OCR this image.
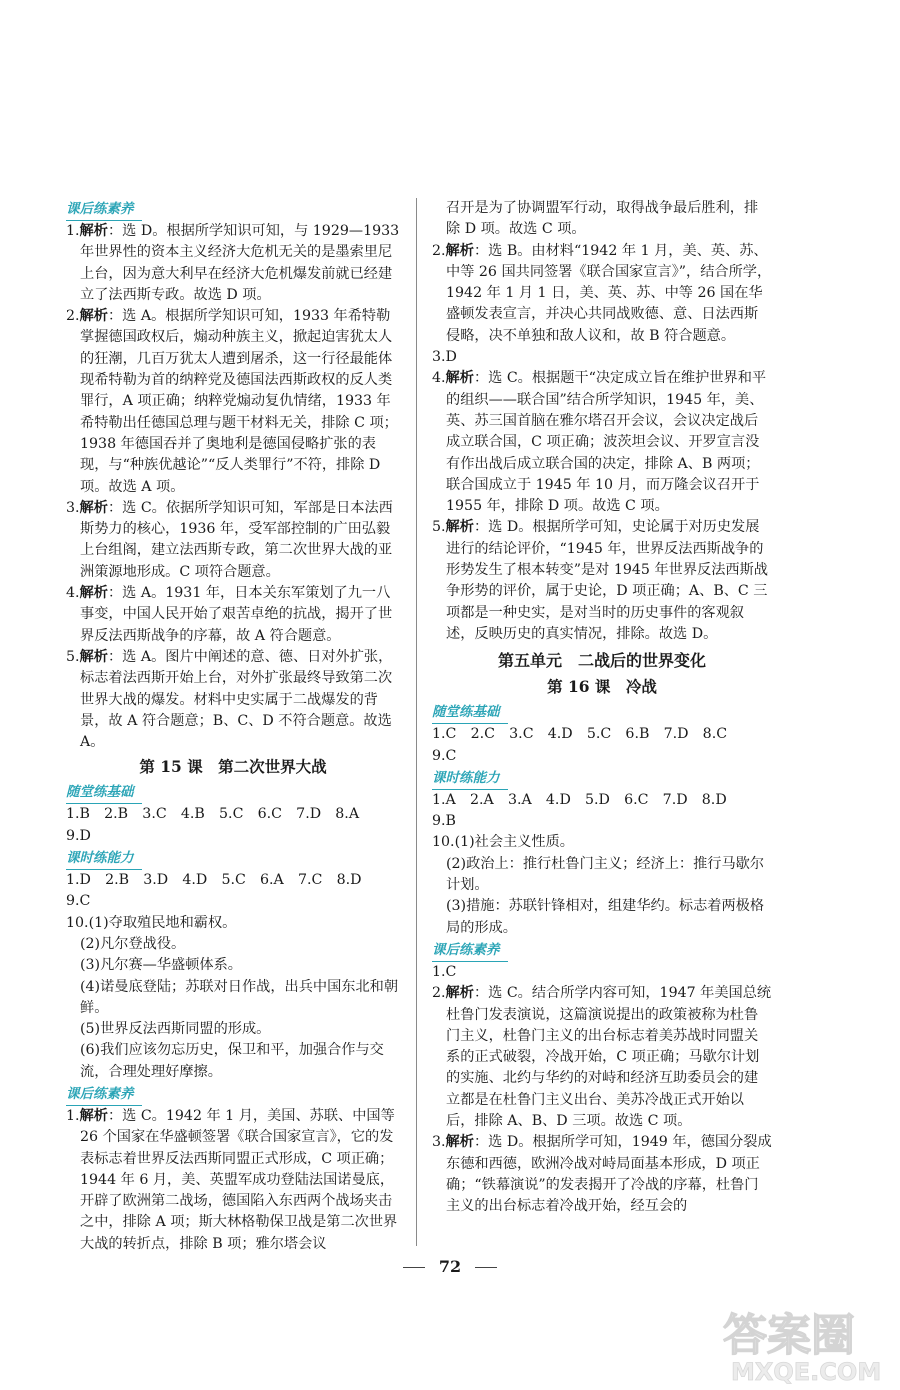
课后练素养

1.解析：选 D。根据所学知识可知，与 1929—1933 年世界性的资本主义经济大危机无关的是墨索里尼上台，因为意大利早在经济大危机爆发前就已经建立了法西斯专政。故选 D 项。

2.解析：选 A。根据所学知识可知，1933 年希特勒掌握德国政权后，煽动种族主义，掀起迫害犹太人的狂潮，几百万犹太人遭到屠杀，这一行径最能体现希特勒为首的纳粹党及德国法西斯政权的反人类罪行，A 项正确；纳粹党煽动复仇情绪，1933 年希特勒出任德国总理与题干材料无关，排除 C 项；1938 年德国吞并了奥地利是德国侵略扩张的表现，与“种族优越论”“反人类罪行”不符，排除 D 项。故选 A 项。

3.解析：选 C。依据所学知识可知，军部是日本法西斯势力的核心，1936 年，受军部控制的广田弘毅上台组阁，建立法西斯专政，第二次世界大战的亚洲策源地形成。C 项符合题意。

4.解析：选 A。1931 年，日本关东军策划了九一八事变，中国人民开始了艰苦卓绝的抗战，揭开了世界反法西斯战争的序幕，故 A 符合题意。

5.解析：选 A。图片中阐述的意、德、日对外扩张，标志着法西斯开始上台，对外扩张最终导致第二次世界大战的爆发。材料中史实属于二战爆发的背景，故 A 符合题意；B、C、D 不符合题意。故选 A。

第 15 课　第二次世界大战
随堂练基础

1.B　2.B　3.C　4.B　5.C　6.C　7.D　8.A

9.D

课时练能力

1.D　2.B　3.D　4.D　5.C　6.A　7.C　8.D

9.C

10.(1)夺取殖民地和霸权。

(2)凡尔登战役。

(3)凡尔赛—华盛顿体系。

(4)诺曼底登陆；苏联对日作战，出兵中国东北和朝鲜。

(5)世界反法西斯同盟的形成。

(6)我们应该勿忘历史，保卫和平，加强合作与交流，合理处理好摩擦。

课后练素养

1.解析：选 C。1942 年 1 月，美国、苏联、中国等 26 个国家在华盛顿签署《联合国家宣言》，它的发表标志着世界反法西斯同盟正式形成，C 项正确；1944 年 6 月，美、英盟军成功登陆法国诺曼底，开辟了欧洲第二战场，德国陷入东西两个战场夹击之中，排除 A 项；斯大林格勒保卫战是第二次世界大战的转折点，排除 B 项；雅尔塔会议

召开是为了协调盟军行动，取得战争最后胜利，排除 D 项。故选 C 项。

2.解析：选 B。由材料“1942 年 1 月，美、英、苏、中等 26 国共同签署《联合国家宣言》”，结合所学，1942 年 1 月 1 日，美、英、苏、中等 26 国在华盛顿发表宣言，并决心共同战败德、意、日法西斯侵略，决不单独和敌人议和，故 B 符合题意。

3.D

4.解析：选 C。根据题干“决定成立旨在维护世界和平的组织——联合国”结合所学知识，1945 年，美、英、苏三国首脑在雅尔塔召开会议，会议决定战后成立联合国，C 项正确；波茨坦会议、开罗宣言没有作出战后成立联合国的决定，排除 A、B 两项；联合国成立于 1945 年 10 月，而万隆会议召开于 1955 年，排除 D 项。故选 C 项。

5.解析：选 D。根据所学可知，史论属于对历史发展进行的结论评价，“1945 年，世界反法西斯战争的形势发生了根本转变”是对 1945 年世界反法西斯战争形势的评价，属于史论，D 项正确；A、B、C 三项都是一种史实，是对当时的历史事件的客观叙述，反映历史的真实情况，排除。故选 D。

第五单元　二战后的世界变化
第 16 课　冷战
随堂练基础

1.C　2.C　3.C　4.D　5.C　6.B　7.D　8.C

9.C

课时练能力

1.A　2.A　3.A　4.D　5.D　6.C　7.D　8.D

9.B

10.(1)社会主义性质。

(2)政治上：推行杜鲁门主义；经济上：推行马歇尔计划。

(3)措施：苏联针锋相对，组建华约。标志着两极格局的形成。

课后练素养

1.C

2.解析：选 C。结合所学内容可知，1947 年美国总统杜鲁门发表演说，这篇演说提出的政策被称为杜鲁门主义，杜鲁门主义的出台标志着美苏战时同盟关系的正式破裂，冷战开始，C 项正确；马歇尔计划的实施、北约与华约的对峙和经济互助委员会的建立都是在杜鲁门主义出台、美苏冷战正式开始以后，排除 A、B、D 三项。故选 C 项。

3.解析：选 D。根据所学可知，1949 年，德国分裂成东德和西德，欧洲冷战对峙局面基本形成，D 项正确；“铁幕演说”的发表揭开了冷战的序幕，杜鲁门主义的出台标志着冷战开始，经互会的

72
答案圈
MXQE.COM
